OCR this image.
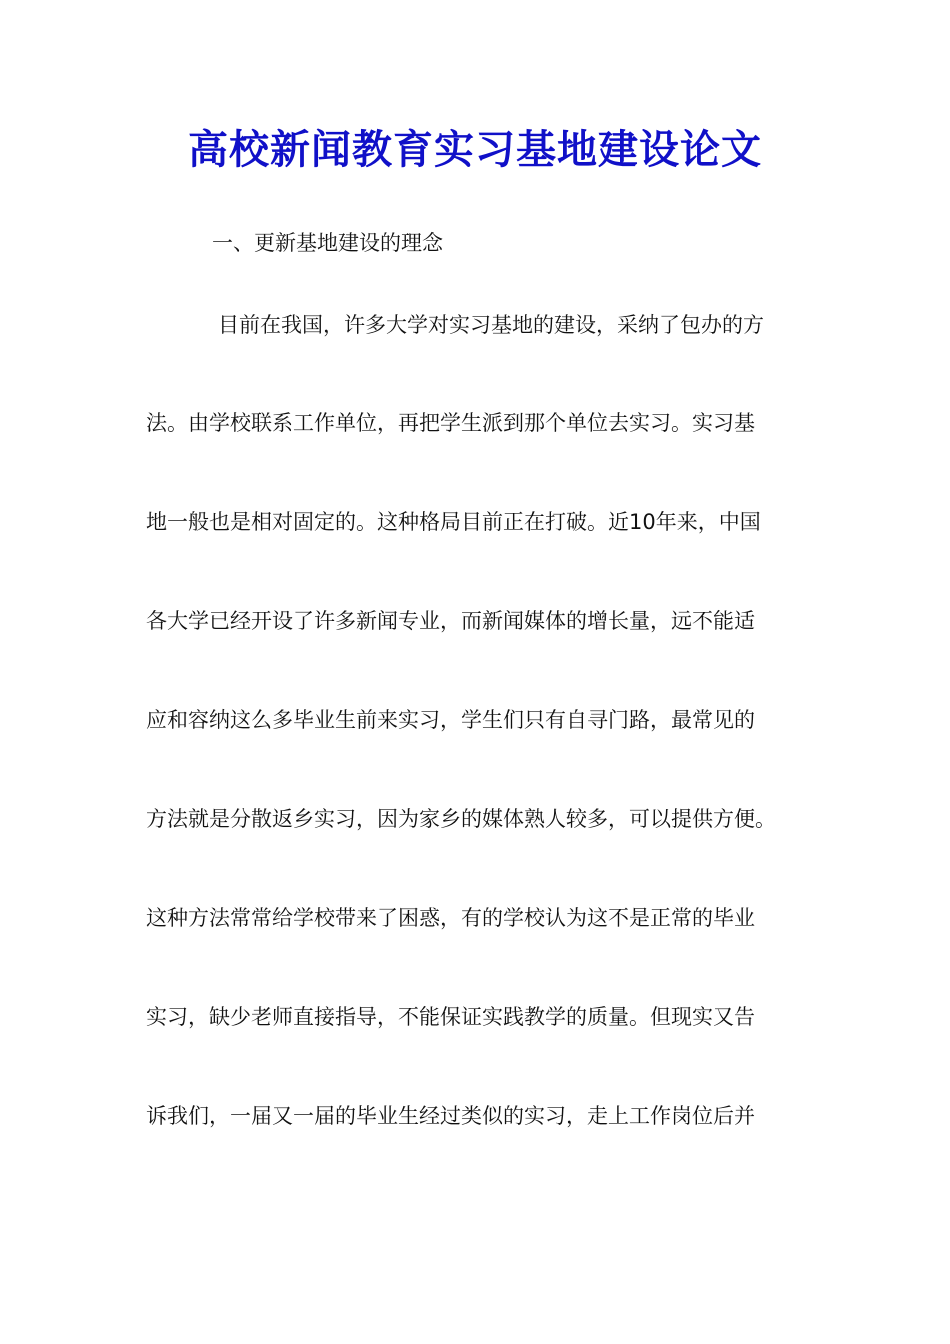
高校新闻教育实习基地建设论文

一、更新基地建设的理念

目前在我国，许多大学对实习基地的建设，采纳了包办的方

法。由学校联系工作单位，再把学生派到那个单位去实习。实习基

地一般也是相对固定的。这种格局目前正在打破。近10年来，中国

各大学已经开设了许多新闻专业，而新闻媒体的增长量，远不能适

应和容纳这么多毕业生前来实习，学生们只有自寻门路，最常见的

方法就是分散返乡实习，因为家乡的媒体熟人较多，可以提供方便。

这种方法常常给学校带来了困惑，有的学校认为这不是正常的毕业

实习，缺少老师直接指导，不能保证实践教学的质量。但现实又告

诉我们，一届又一届的毕业生经过类似的实习，走上工作岗位后并
